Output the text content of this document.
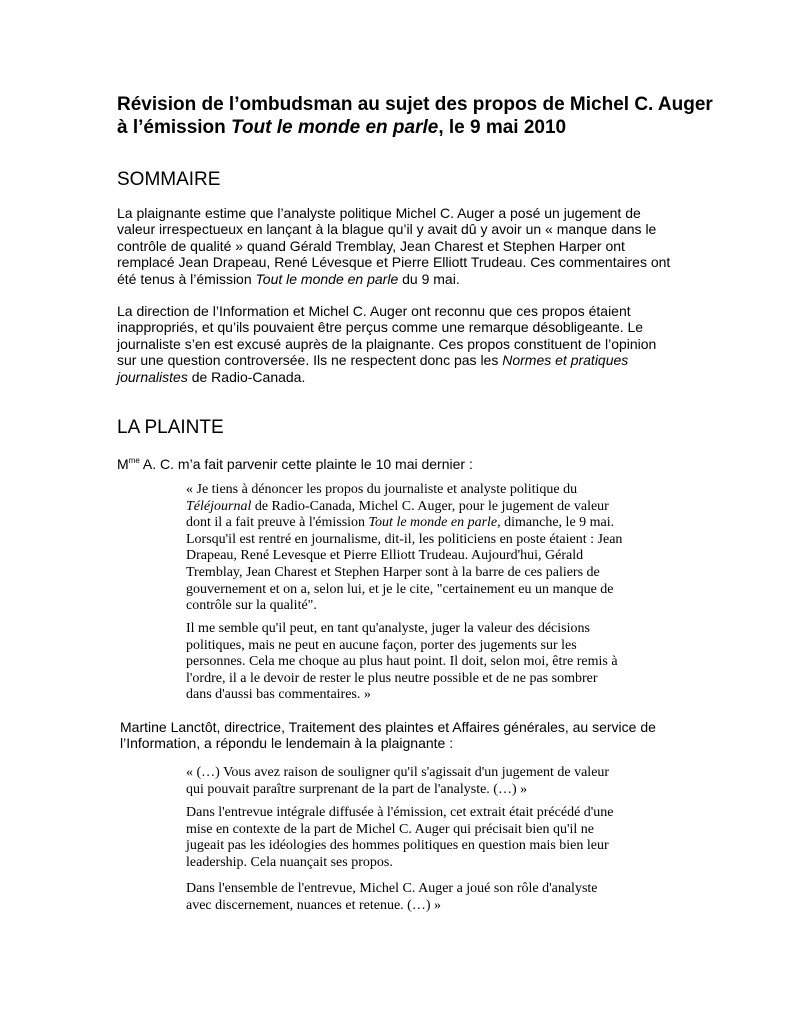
Révision de l’ombudsman au sujet des propos de Michel C. Auger à l’émission Tout le monde en parle, le 9 mai 2010
SOMMAIRE

La plaignante estime que l’analyste politique Michel C. Auger a posé un jugement de valeur irrespectueux en lançant à la blague qu’il y avait dû y avoir un « manque dans le contrôle de qualité » quand Gérald Tremblay, Jean Charest et Stephen Harper ont remplacé Jean Drapeau, René Lévesque et Pierre Elliott Trudeau. Ces commentaires ont été tenus à l’émission Tout le monde en parle du 9 mai.

La direction de l’Information et Michel C. Auger ont reconnu que ces propos étaient inappropriés, et qu’ils pouvaient être perçus comme une remarque désobligeante. Le journaliste s’en est excusé auprès de la plaignante. Ces propos constituent de l’opinion sur une question controversée. Ils ne respectent donc pas les Normes et pratiques journalistes de Radio-Canada.

LA PLAINTE

$M^{me}$ A. C. m’a fait parvenir cette plainte le 10 mai dernier :

« Je tiens à dénoncer les propos du journaliste et analyste politique du Téléjournal de Radio-Canada, Michel C. Auger, pour le jugement de valeur dont il a fait preuve à l'émission Tout le monde en parle, dimanche, le 9 mai. Lorsqu'il est rentré en journalisme, dit-il, les politiciens en poste étaient : Jean Drapeau, René Levesque et Pierre Elliott Trudeau. Aujourd'hui, Gérald Tremblay, Jean Charest et Stephen Harper sont à la barre de ces paliers de gouvernement et on a, selon lui, et je le cite, "certainement eu un manque de contrôle sur la qualité".

Il me semble qu'il peut, en tant qu'analyste, juger la valeur des décisions politiques, mais ne peut en aucune façon, porter des jugements sur les personnes. Cela me choque au plus haut point. Il doit, selon moi, être remis à l'ordre, il a le devoir de rester le plus neutre possible et de ne pas sombrer dans d'aussi bas commentaires. »

Martine Lanctôt, directrice, Traitement des plaintes et Affaires générales, au service de l’Information, a répondu le lendemain à la plaignante :

« (…) Vous avez raison de souligner qu'il s'agissait d'un jugement de valeur qui pouvait paraître surprenant de la part de l'analyste. (…) »

Dans l'entrevue intégrale diffusée à l'émission, cet extrait était précédé d'une mise en contexte de la part de Michel C. Auger qui précisait bien qu'il ne jugeait pas les idéologies des hommes politiques en question mais bien leur leadership. Cela nuançait ses propos.

Dans l'ensemble de l'entrevue, Michel C. Auger a joué son rôle d'analyste avec discernement, nuances et retenue. (…) »
